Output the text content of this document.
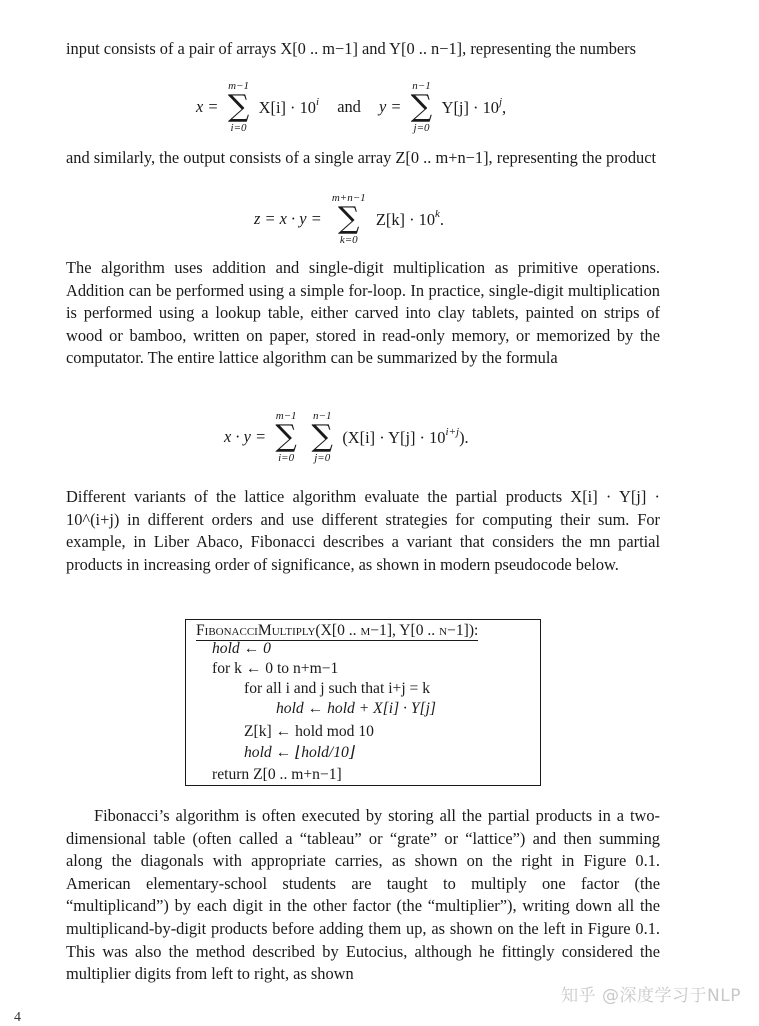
input consists of a pair of arrays X[0 .. m−1] and Y[0 .. n−1], representing the numbers
x =
m−1
∑
i=0
$X[i] \cdot 10^i$ and y =
n−1
∑
j=0
$Y[j] \cdot 10^j$,
and similarly, the output consists of a single array Z[0 .. m+n−1], representing the product
z = x · y =
m+n−1
∑
k=0
$Z[k] \cdot 10^k$.
The algorithm uses addition and single-digit multiplication as primitive operations. Addition can be performed using a simple for-loop. In practice, single-digit multiplication is performed using a lookup table, either carved into clay tablets, painted on strips of wood or bamboo, written on paper, stored in read-only memory, or memorized by the computator. The entire lattice algorithm can be summarized by the formula
x · y =
m−1
∑
i=0

n−1
∑
j=0
$(X[i] \cdot Y[j] \cdot 10^{i+j})$.
Different variants of the lattice algorithm evaluate the partial products X[i] · Y[j] · 10^(i+j) in different orders and use different strategies for computing their sum. For example, in Liber Abaco, Fibonacci describes a variant that considers the mn partial products in increasing order of significance, as shown in modern pseudocode below.
FibonacciMultiply(X[0 .. m−1], Y[0 .. n−1]):
hold ← 0
for k ← 0 to n+m−1
for all i and j such that i+j = k
hold ← hold + X[i] · Y[j]
Z[k] ← hold mod 10
hold ← ⌊hold/10⌋
return Z[0 .. m+n−1]
Fibonacci’s algorithm is often executed by storing all the partial products in a two-dimensional table (often called a “tableau” or “grate” or “lattice”) and then summing along the diagonals with appropriate carries, as shown on the right in Figure 0.1. American elementary-school students are taught to multiply one factor (the “multiplicand”) by each digit in the other factor (the “multiplier”), writing down all the multiplicand-by-digit products before adding them up, as shown on the left in Figure 0.1. This was also the method described by Eutocius, although he fittingly considered the multiplier digits from left to right, as shown
知乎 @深度学习于NLP
4
